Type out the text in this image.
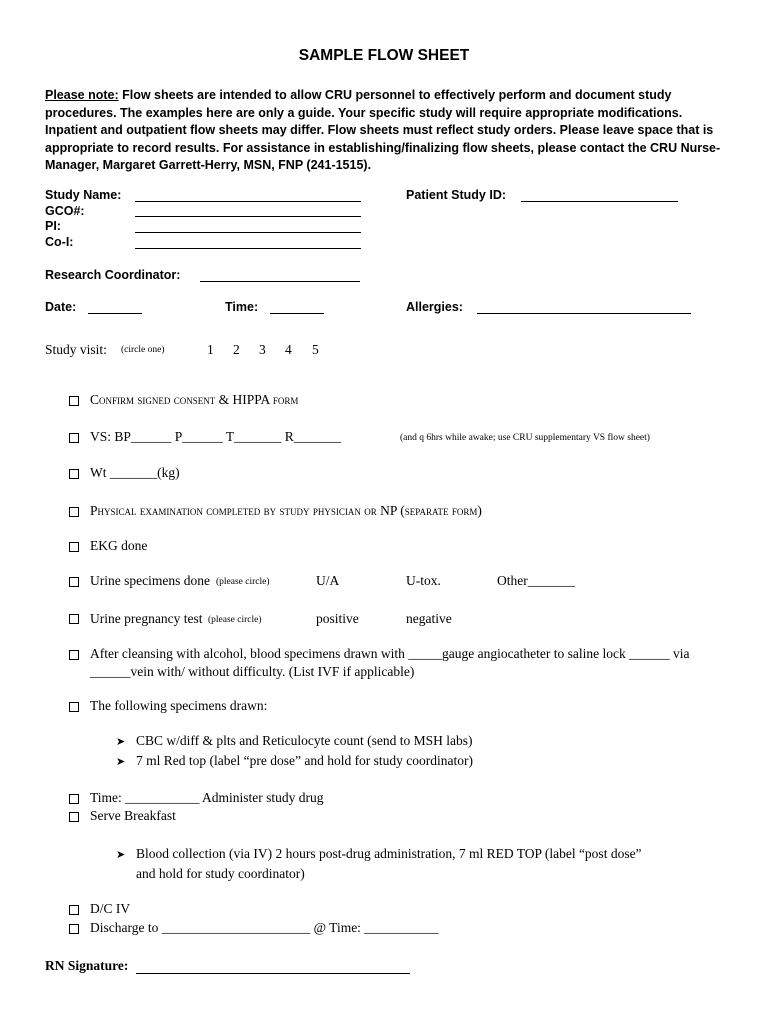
SAMPLE FLOW SHEET
Please note: Flow sheets are intended to allow CRU personnel to effectively perform and document study procedures. The examples here are only a guide. Your specific study will require appropriate modifications. Inpatient and outpatient flow sheets may differ. Flow sheets must reflect study orders. Please leave space that is appropriate to record results. For assistance in establishing/finalizing flow sheets, please contact the CRU Nurse-Manager, Margaret Garrett-Herry, MSN, FNP (241-1515).
Study Name:
GCO#:
PI:
Co-I:
Patient Study ID:
Research Coordinator:
Date:	Time:	Allergies:
Study visit: (circle one)	1 2 3 4 5
Confirm signed consent & HIPPA form
VS: BP______ P______ T_______ R_______	(and q 6hrs while awake; use CRU supplementary VS flow sheet)
Wt _______(kg)
Physical examination completed by study physician or NP (separate form)
EKG done
Urine specimens done (please circle)	U/A	U-tox.	Other_______
Urine pregnancy test (please circle)	positive	negative
After cleansing with alcohol, blood specimens drawn with _____gauge angiocatheter to saline lock ______ via
______vein with/ without difficulty. (List IVF if applicable)
The following specimens drawn:
➤ CBC w/diff & plts and Reticulocyte count (send to MSH labs)
➤ 7 ml Red top (label “pre dose” and hold for study coordinator)
Time: ___________ Administer study drug
Serve Breakfast
➤ Blood collection (via IV) 2 hours post-drug administration, 7 ml RED TOP (label “post dose”
and hold for study coordinator)
D/C IV
Discharge to ______________________ @ Time: ___________
RN Signature:
